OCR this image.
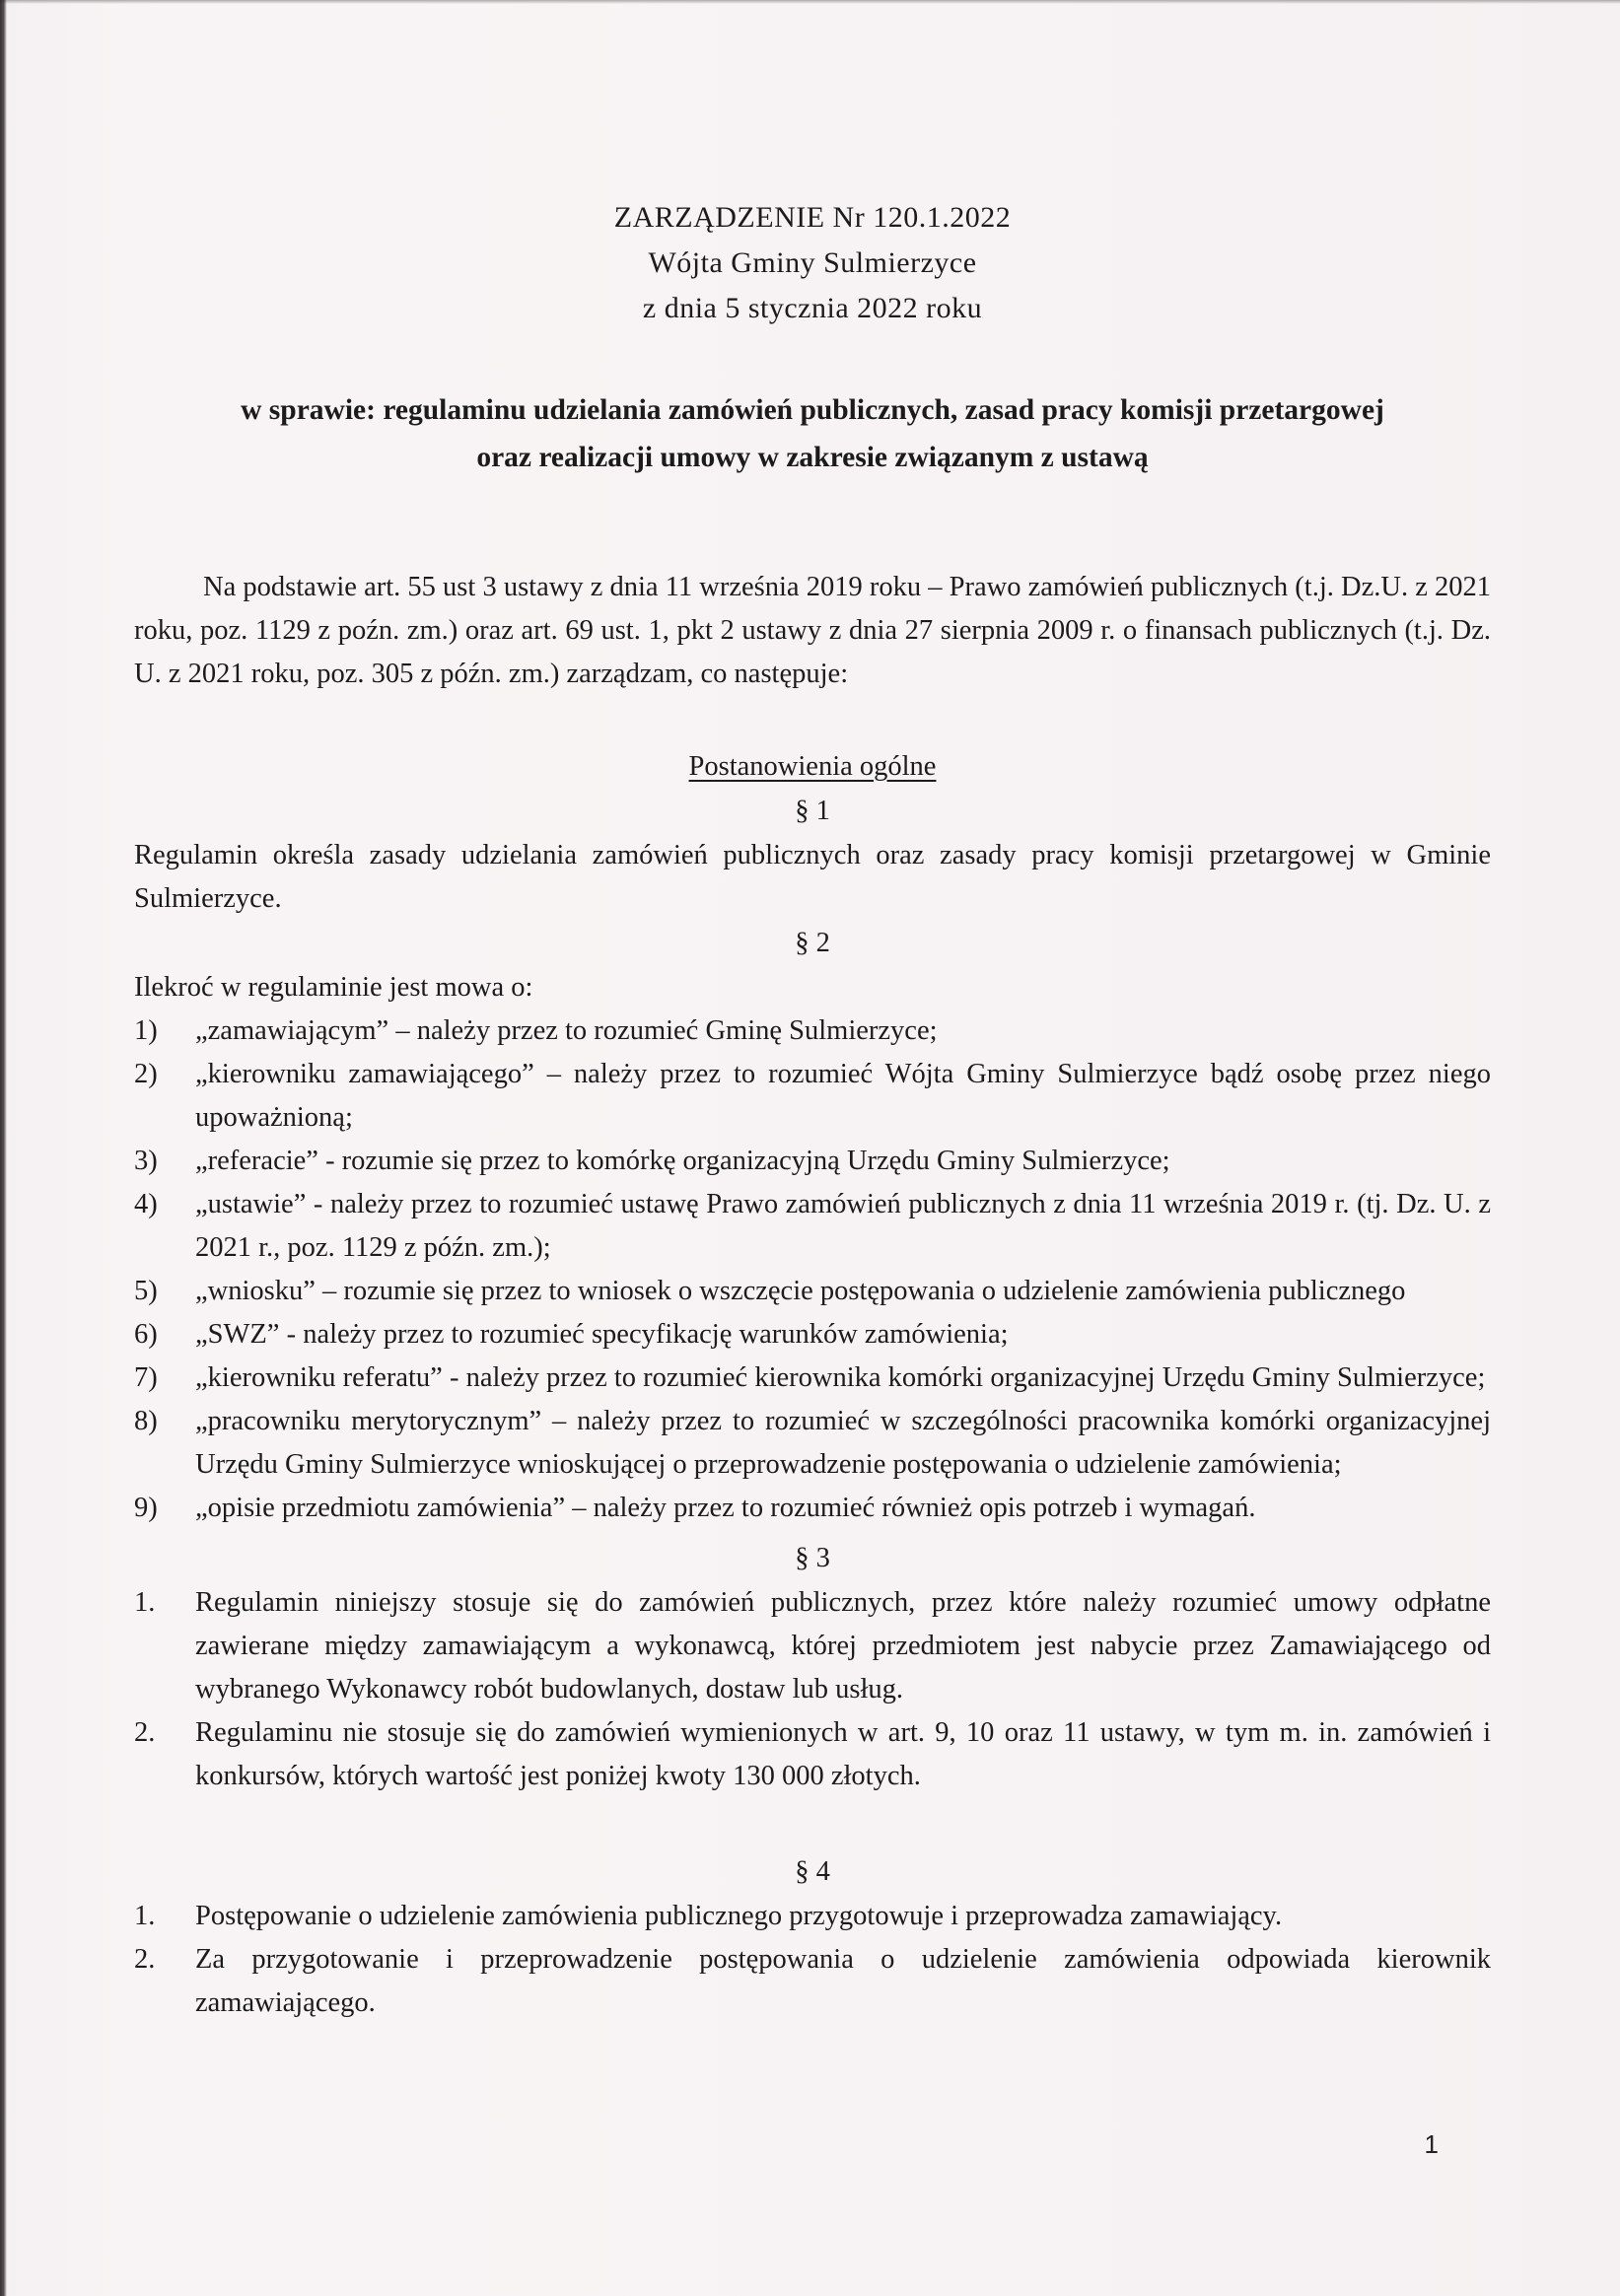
ZARZĄDZENIE Nr 120.1.2022
Wójta Gminy Sulmierzyce
z dnia 5 stycznia 2022 roku
w sprawie: regulaminu udzielania zamówień publicznych, zasad pracy komisji przetargowej oraz realizacji umowy w zakresie związanym z ustawą
Na podstawie art. 55 ust 3 ustawy z dnia 11 września 2019 roku – Prawo zamówień publicznych (t.j. Dz.U. z 2021 roku, poz. 1129 z poźn. zm.) oraz art. 69 ust. 1, pkt 2 ustawy z dnia 27 sierpnia 2009 r. o finansach publicznych (t.j. Dz. U. z 2021 roku, poz. 305 z późn. zm.) zarządzam, co następuje:
Postanowienia ogólne
§ 1
Regulamin określa zasady udzielania zamówień publicznych oraz zasady pracy komisji przetargowej w Gminie Sulmierzyce.
§ 2
Ilekroć w regulaminie jest mowa o:
1)	„zamawiającym” – należy przez to rozumieć Gminę Sulmierzyce;
2)	„kierowniku zamawiającego” – należy przez to rozumieć Wójta Gminy Sulmierzyce bądź osobę przez niego upoważnioną;
3)	„referacie” - rozumie się przez to komórkę organizacyjną Urzędu Gminy Sulmierzyce;
4)	„ustawie” - należy przez to rozumieć ustawę Prawo zamówień publicznych z dnia 11 września 2019 r. (tj. Dz. U. z 2021 r., poz. 1129 z późn. zm.);
5)	„wniosku” – rozumie się przez to wniosek o wszczęcie postępowania o udzielenie zamówienia publicznego
6)	„SWZ” - należy przez to rozumieć specyfikację warunków zamówienia;
7)	„kierowniku referatu” - należy przez to rozumieć kierownika komórki organizacyjnej Urzędu Gminy Sulmierzyce;
8)	„pracowniku merytorycznym” – należy przez to rozumieć w szczególności pracownika komórki organizacyjnej Urzędu Gminy Sulmierzyce wnioskującej o przeprowadzenie postępowania o udzielenie zamówienia;
9)	„opisie przedmiotu zamówienia” – należy przez to rozumieć również opis potrzeb i wymagań.
§ 3
1.	Regulamin niniejszy stosuje się do zamówień publicznych, przez które należy rozumieć umowy odpłatne zawierane między zamawiającym a wykonawcą, której przedmiotem jest nabycie przez Zamawiającego od wybranego Wykonawcy robót budowlanych, dostaw lub usług.
2.	Regulaminu nie stosuje się do zamówień wymienionych w art. 9, 10 oraz 11 ustawy, w tym m. in. zamówień i konkursów, których wartość jest poniżej kwoty 130 000 złotych.
§ 4
1.	Postępowanie o udzielenie zamówienia publicznego przygotowuje i przeprowadza zamawiający.
2.	Za przygotowanie i przeprowadzenie postępowania o udzielenie zamówienia odpowiada kierownik zamawiającego.
1
